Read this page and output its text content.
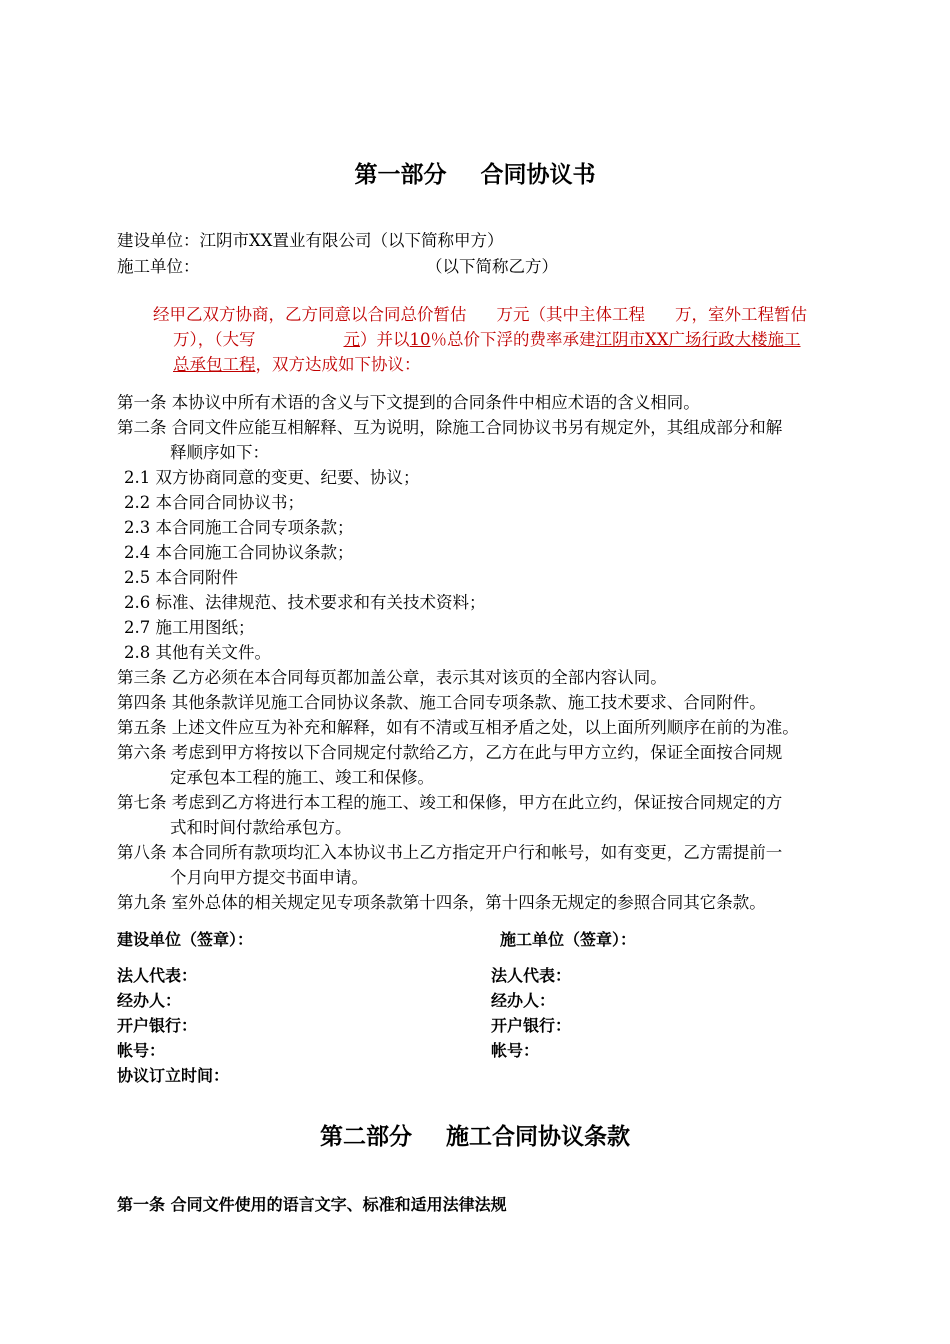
第一部分 合同协议书
建设单位：江阴市XX置业有限公司（以下简称甲方）
施工单位：	（以下简称乙方）
经甲乙双方协商，乙方同意以合同总价暂估 万元（其中主体工程 万，室外工程暂估
万），（大写	元）并以10％总价下浮的费率承建江阴市XX广场行政大楼施工
总承包工程，双方达成如下协议：
第一条 本协议中所有术语的含义与下文提到的合同条件中相应术语的含义相同。
第二条 合同文件应能互相解释、互为说明，除施工合同协议书另有规定外，其组成部分和解
释顺序如下：
2.1 双方协商同意的变更、纪要、协议；
2.2 本合同合同协议书；
2.3 本合同施工合同专项条款；
2.4 本合同施工合同协议条款；
2.5 本合同附件
2.6 标准、法律规范、技术要求和有关技术资料；
2.7 施工用图纸；
2.8 其他有关文件。
第三条 乙方必须在本合同每页都加盖公章，表示其对该页的全部内容认同。
第四条 其他条款详见施工合同协议条款、施工合同专项条款、施工技术要求、合同附件。
第五条 上述文件应互为补充和解释，如有不清或互相矛盾之处，以上面所列顺序在前的为准。
第六条 考虑到甲方将按以下合同规定付款给乙方，乙方在此与甲方立约，保证全面按合同规
定承包本工程的施工、竣工和保修。
第七条 考虑到乙方将进行本工程的施工、竣工和保修，甲方在此立约，保证按合同规定的方
式和时间付款给承包方。
第八条 本合同所有款项均汇入本协议书上乙方指定开户行和帐号，如有变更，乙方需提前一
个月向甲方提交书面申请。
第九条 室外总体的相关规定见专项条款第十四条，第十四条无规定的参照合同其它条款。
建设单位（签章）：	施工单位（签章）：
法人代表：	法人代表：
经办人：	经办人：
开户银行：	开户银行：
帐号：	帐号：
协议订立时间：
第二部分 施工合同协议条款
第一条 合同文件使用的语言文字、标准和适用法律法规
